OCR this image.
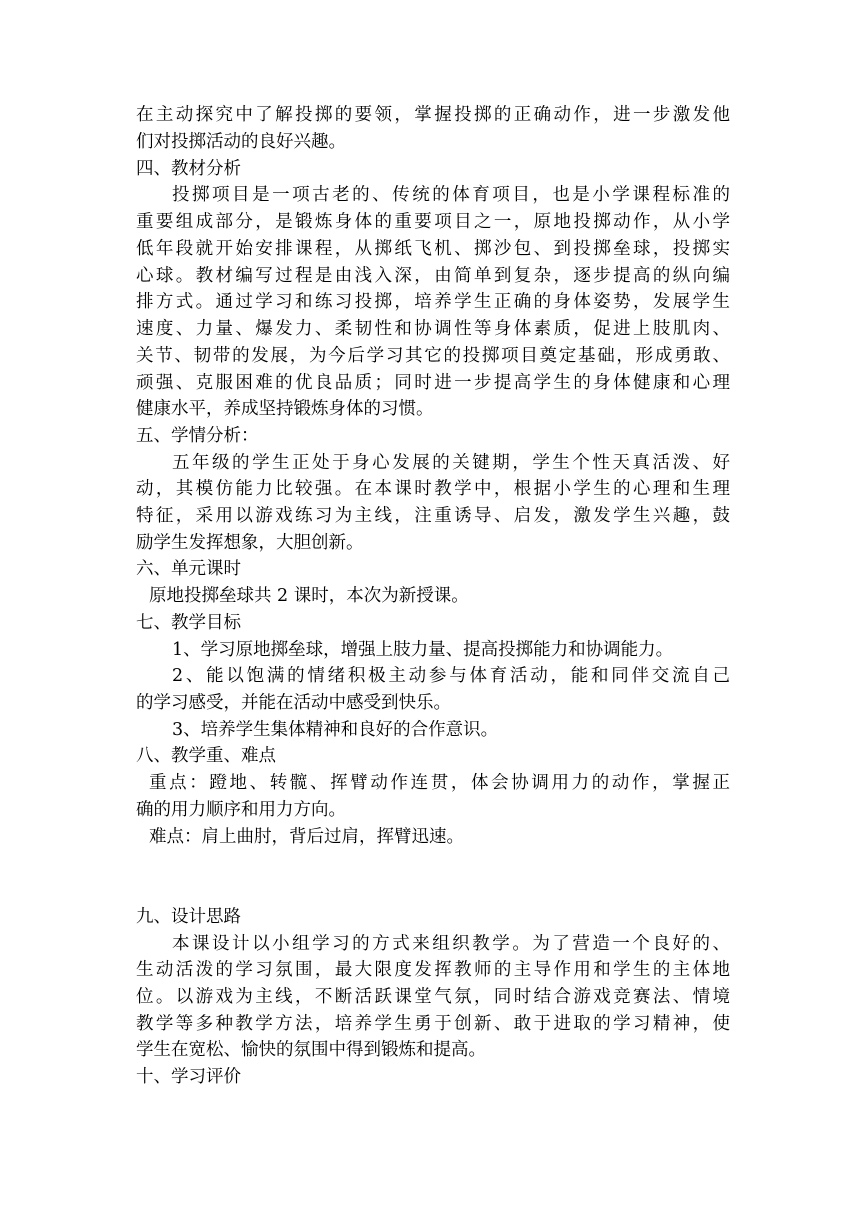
在主动探究中了解投掷的要领，掌握投掷的正确动作，进一步激发他
们对投掷活动的良好兴趣。
四、教材分析
投掷项目是一项古老的、传统的体育项目，也是小学课程标准的
重要组成部分，是锻炼身体的重要项目之一，原地投掷动作，从小学
低年段就开始安排课程，从掷纸飞机、掷沙包、到投掷垒球，投掷实
心球。教材编写过程是由浅入深，由简单到复杂，逐步提高的纵向编
排方式。通过学习和练习投掷，培养学生正确的身体姿势，发展学生
速度、力量、爆发力、柔韧性和协调性等身体素质，促进上肢肌肉、
关节、韧带的发展，为今后学习其它的投掷项目奠定基础，形成勇敢、
顽强、克服困难的优良品质；同时进一步提高学生的身体健康和心理
健康水平，养成坚持锻炼身体的习惯。
五、学情分析：
五年级的学生正处于身心发展的关键期，学生个性天真活泼、好
动，其模仿能力比较强。在本课时教学中，根据小学生的心理和生理
特征，采用以游戏练习为主线，注重诱导、启发，激发学生兴趣，鼓
励学生发挥想象，大胆创新。
六、单元课时
原地投掷垒球共 2 课时，本次为新授课。
七、教学目标
1、学习原地掷垒球，增强上肢力量、提高投掷能力和协调能力。
2、能以饱满的情绪积极主动参与体育活动，能和同伴交流自己
的学习感受，并能在活动中感受到快乐。
3、培养学生集体精神和良好的合作意识。
八、教学重、难点
重点：蹬地、转髋、挥臂动作连贯，体会协调用力的动作，掌握正
确的用力顺序和用力方向。
难点：肩上曲肘，背后过肩，挥臂迅速。
九、设计思路
本课设计以小组学习的方式来组织教学。为了营造一个良好的、
生动活泼的学习氛围，最大限度发挥教师的主导作用和学生的主体地
位。以游戏为主线，不断活跃课堂气氛，同时结合游戏竞赛法、情境
教学等多种教学方法，培养学生勇于创新、敢于进取的学习精神，使
学生在宽松、愉快的氛围中得到锻炼和提高。
十、学习评价
